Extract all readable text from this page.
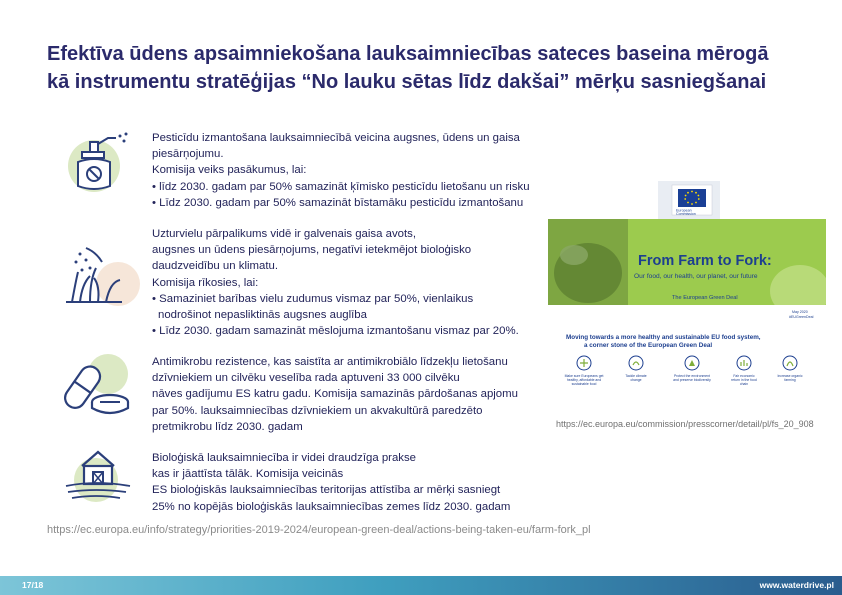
Efektīva ūdens apsaimniekošana lauksaimniecības sateces baseina mērogā
kā instrumentu stratēģijas “No lauku sētas līdz dakšai” mērķu sasniegšanai
Pesticīdu izmantošana lauksaimniecībā veicina augsnes, ūdens un gaisa
piesārņojumu.
Komisija veiks pasākumus, lai:
• līdz 2030. gadam par 50% samazināt ķīmisko pesticīdu lietošanu un risku
• Līdz 2030. gadam par 50% samazināt bīstamāku pesticīdu izmantošanu
Uzturvielu pārpalikums vidē ir galvenais gaisa avots,
augsnes un ūdens piesārņojums, negatīvi ietekmējot bioloģisko
daudzveidību un klimatu.
Komisija rīkosies, lai:
• Samaziniet barības vielu zudumus vismaz par 50%, vienlaikus
nodrošinot nepasliktinās augsnes auglība
• Līdz 2030. gadam samazināt mēslojuma izmantošanu vismaz par 20%.
Antimikrobu rezistence, kas saistīta ar antimikrobiālo līdzekļu lietošanu
dzīvniekiem un cilvēku veselība rada aptuveni 33 000 cilvēku
nāves gadījumu ES katru gadu. Komisija samazinās pārdošanas apjomu
par 50%. lauksaimniecības dzīvniekiem un akvakultūrā paredzēto
pretmikrobu līdz 2030. gadam
Bioloģiskā lauksaimniecība ir videi draudzīga prakse
kas ir jāattīsta tālāk. Komisija veicinās
ES bioloģiskās lauksaimniecības teritorijas attīstība ar mērķi sasniegt
25% no kopējās bioloģiskās lauksaimniecības zemes līdz 2030. gadam
European
Commission
From Farm to Fork:
Our food, our health, our planet, our future
The European Green Deal
May 2020
#EUGreenDeal
Moving towards a more healthy and sustainable EU food system,
a corner stone of the European Green Deal
Make sure Europeans get
healthy, affordable and
sustainable food
Tackle climate
change
Protect the environment
and preserve biodiversity
Fair economic
return in the food
chain
Increase organic
farming
https://ec.europa.eu/commission/presscorner/detail/pl/fs_20_908
https://ec.europa.eu/info/strategy/priorities-2019-2024/european-green-deal/actions-being-taken-eu/farm-fork_pl
17/18	www.waterdrive.pl
